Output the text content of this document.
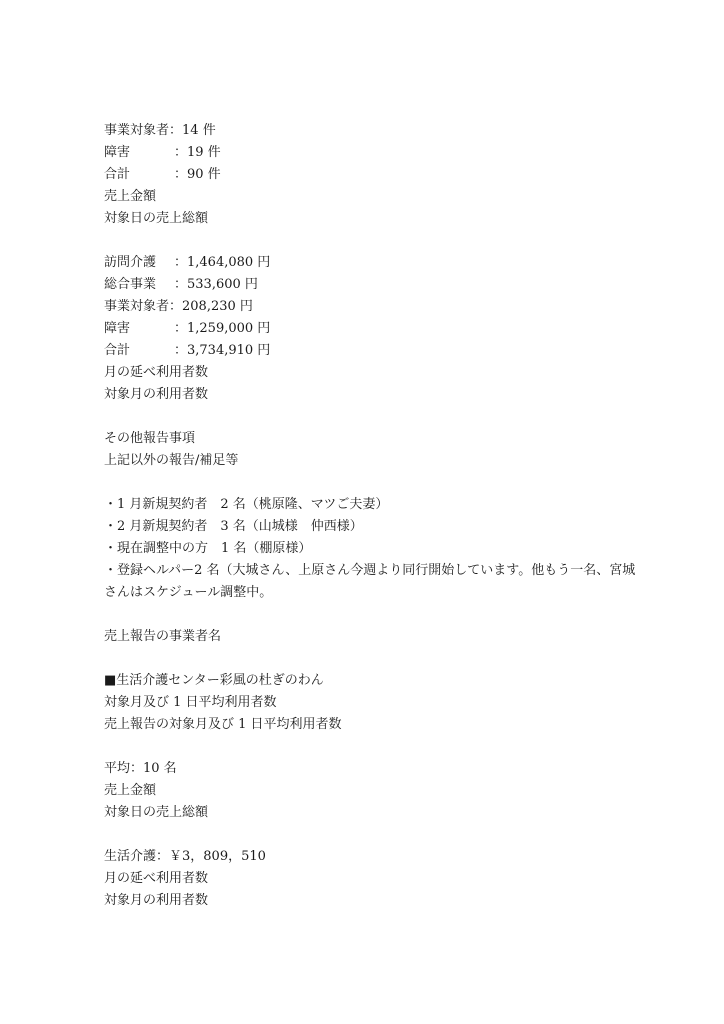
事業対象者：14 件
障害	：19 件
合計	：90 件
売上金額
対象日の売上総額
訪問介護 ：1,464,080 円
総合事業 ：533,600 円
事業対象者：208,230 円
障害	：1,259,000 円
合計	：3,734,910 円
月の延べ利用者数
対象月の利用者数
その他報告事項
上記以外の報告/補足等
・1 月新規契約者　2 名（桃原隆、マツご夫妻）
・2 月新規契約者　3 名（山城様　仲西様）
・現在調整中の方　1 名（棚原様）
・登録ヘルパー2 名（大城さん、上原さん今週より同行開始しています。他もう一名、宮城
さんはスケジュール調整中。
売上報告の事業者名
■生活介護センター彩風の杜ぎのわん
対象月及び 1 日平均利用者数
売上報告の対象月及び 1 日平均利用者数
平均：10 名
売上金額
対象日の売上総額
生活介護：￥3，809，510
月の延べ利用者数
対象月の利用者数
